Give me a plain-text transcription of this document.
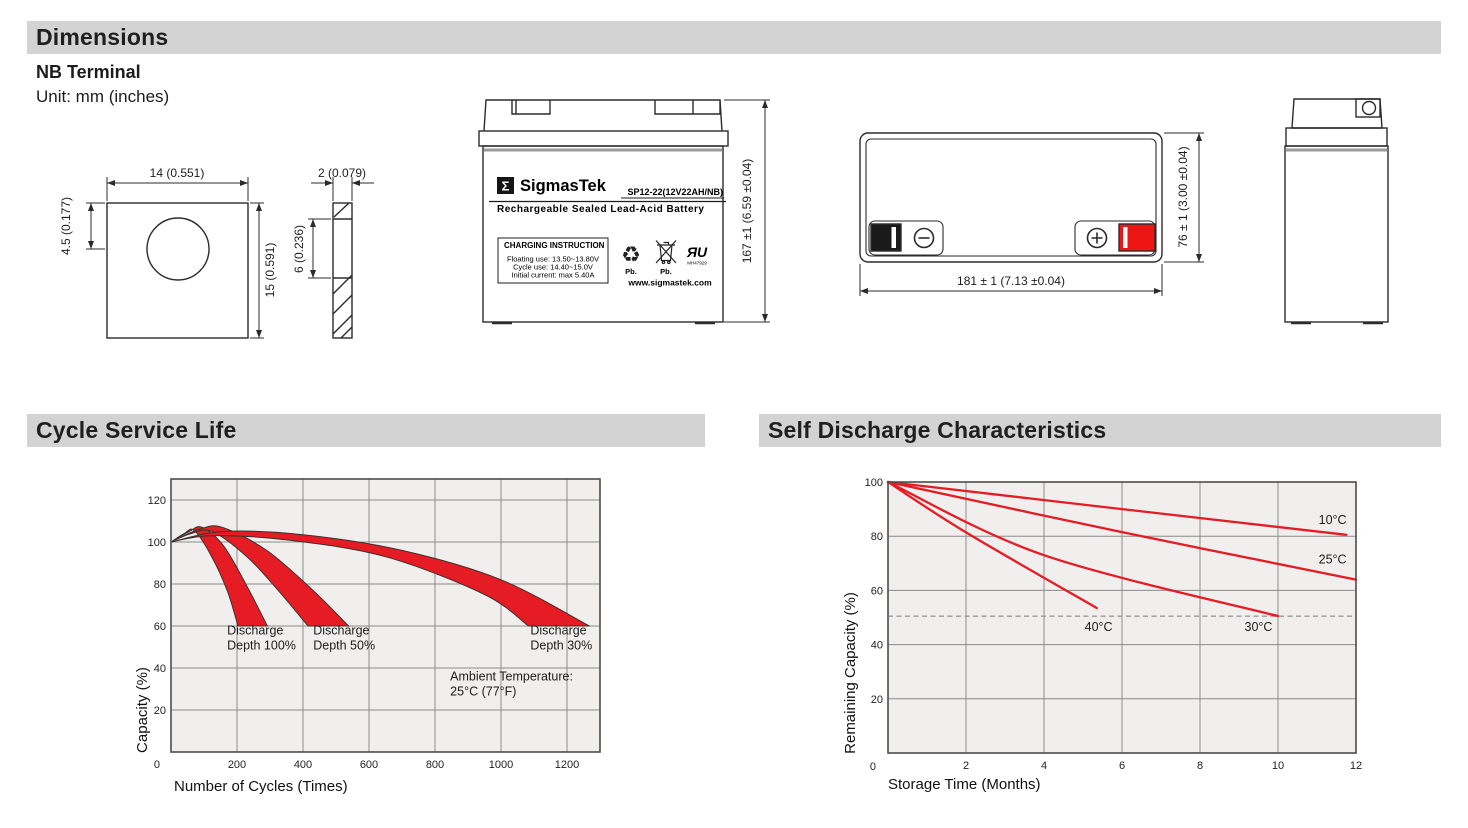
Dimensions
NB Terminal
Unit: mm (inches)
14 (0.551)
4.5 (0.177)
15 (0.591)
2 (0.079)
6 (0.236)
Σ SigmasTek SP12-22(12V22AH/NB)
Rechargeable Sealed Lead-Acid Battery
CHARGING INSTRUCTION
Floating use: 13.50~13.80V
Cycle use: 14.40~15.0V
Initial current: max 5.40A
♻
Pb.	Pb.
ЯU
MH47929
www.sigmastek.com
167 ±1 (6.59 ±0.04)
181 ± 1 (7.13 ±0.04)
76 ± 1 (3.00 ±0.04)
Cycle Service Life	Self Discharge Characteristics
20
40
60
80
100
120
200	400	600	800	1000	1200
0
Discharge
Depth 100%
Discharge
Depth 50%
Discharge
Depth 30%
Ambient Temperature:
25°C (77°F)
Number of Cycles (Times)
Capacity (%)
10°C
25°C
30°C
40°C
20
40
60
80
100
2	4	6	8	10	12
0
Storage Time (Months)
Remaining Capacity (%)
